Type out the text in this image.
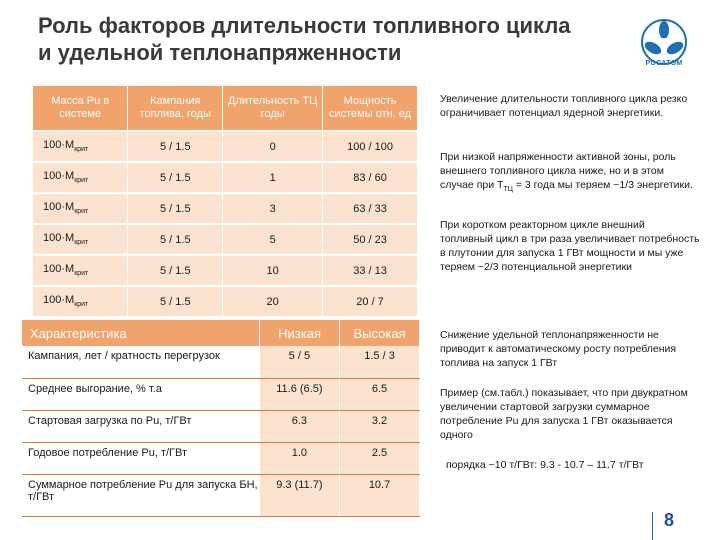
Роль факторов длительности топливного цикла
и удельной теплонапряженности	РОСАТОМ
Масса Pu в системе	Кампания топлива, годы	Длительность ТЦ годы	Мощность системы отн. ед
$100\cdot M_{крит}$	5 / 1.5	0	100 / 100
$100\cdot M_{крит}$	5 / 1.5	1	83 / 60
$100\cdot M_{крит}$	5 / 1.5	3	63 / 33
$100\cdot M_{крит}$	5 / 1.5	5	50 / 23
$100\cdot M_{крит}$	5 / 1.5	10	33 / 13
$100\cdot M_{крит}$	5 / 1.5	20	20 / 7
Характеристика	Низкая	Высокая
Кампания, лет / кратность перегрузок	5 / 5	1.5 / 3
Среднее выгорание, % т.а	11.6 (6.5)	6.5
Стартовая загрузка по Pu, т/ГВт	6.3	3.2
Годовое потребление Pu, т/ГВт	1.0	2.5
Суммарное потребление Pu для запуска БН, т/ГВт	9.3 (11.7)	10.7
Увеличение длительности топливного цикла резко ограничивает потенциал ядерной энергетики.
При низкой напряженности активной зоны, роль внешнего топливного цикла ниже, но и в этом случае при $T_{ТЦ} = 3$ года мы теряем ~1/3 энергетики.
При коротком реакторном цикле внешний топливный цикл в три раза увеличивает потребность в плутонии для запуска 1 ГВт мощности и мы уже теряем ~2/3 потенциальной энергетики
Снижение удельной теплонапряженности не приводит к автоматическому росту потребления топлива на запуск 1 ГВт
Пример (см.табл.) показывает, что при двукратном увеличении стартовой загрузки суммарное потребление Pu для запуска 1 ГВт оказывается одного
порядка ~10 т/ГВт: 9.3 - 10.7 – 11.7 т/ГВт
8
